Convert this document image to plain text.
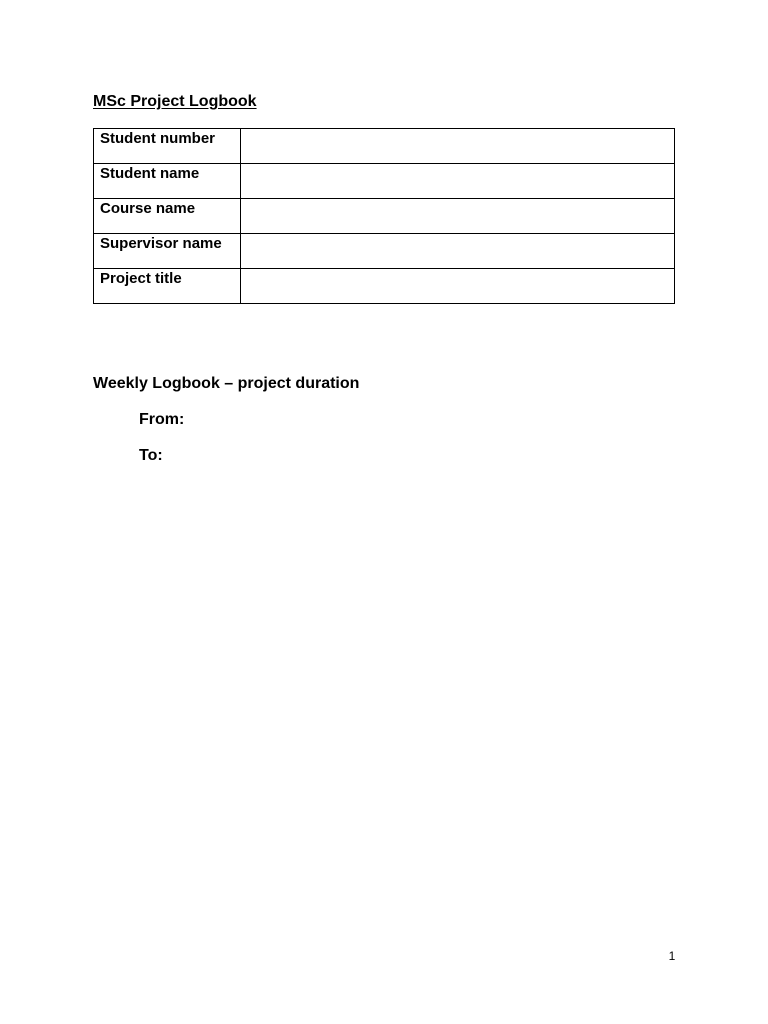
MSc Project Logbook
Student number	
Student name	
Course name	
Supervisor name	
Project title	
Weekly Logbook – project duration
From:
To:
1
